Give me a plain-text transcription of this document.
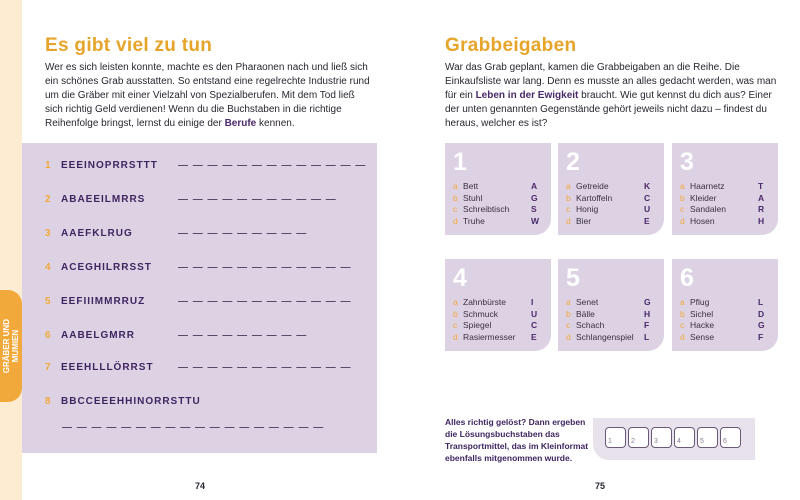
GRÄBER UND
MUMIEN
Es gibt viel zu tun

Wer es sich leisten konnte, machte es den Pharaonen nach und ließ sich ein schönes Grab ausstatten. So entstand eine regelrechte Industrie rund um die Gräber mit einer Vielzahl von Spezialberufen. Mit dem Tod ließ sich richtig Geld verdienen! Wenn du die Buchstaben in die richtige Reihenfolge bringst, lernst du einige der Berufe kennen.

1 EEEINOPRRSTTT — — — — — — — — — — — — —
2 ABAEEILMRRS	— — — — — — — — — — —
3 AAEFKLRUG	— — — — — — — — —
4 ACEGHILRRSST	— — — — — — — — — — — —
5 EEFIIIMMRRUZ	— — — — — — — — — — — —
6 AABELGMRR	— — — — — — — — —
7 EEEHLLLÖRRST — — — — — — — — — — — —
8 BBCCEEEHHINORRSTTU
— — — — — — — — — — — — — — — — — —
Grabbeigaben

War das Grab geplant, kamen die Grabbeigaben an die Reihe. Die Einkaufsliste war lang. Denn es musste an alles gedacht werden, was man für ein Leben in der Ewigkeit braucht. Wie gut kennst du dich aus? Einer der unten genannten Gegenstände gehört jeweils nicht dazu – findest du heraus, welcher es ist?

1
a Bett	A
b Stuhl	G
c Schreibtisch	S
d Truhe	W
2
a Getreide	K
b Kartoffeln	C
c Honig	U
d Bier	E
3
a Haarnetz	T
b Kleider	A
c Sandalen	R
d Hosen	H
4
a Zahnbürste	I
b Schmuck	U
c Spiegel	C
d Rasiermesser	E
5
a Senet	G
b Bälle	H
c Schach	F
d Schlangenspiel	L
6
a Pflug	L
b Sichel	D
c Hacke	G
d Sense	F

Alles richtig gelöst? Dann ergeben die Lösungsbuchstaben das Transportmittel, das im Kleinformat ebenfalls mitgenommen wurde.

1	2	3	4	5	6
74	75
